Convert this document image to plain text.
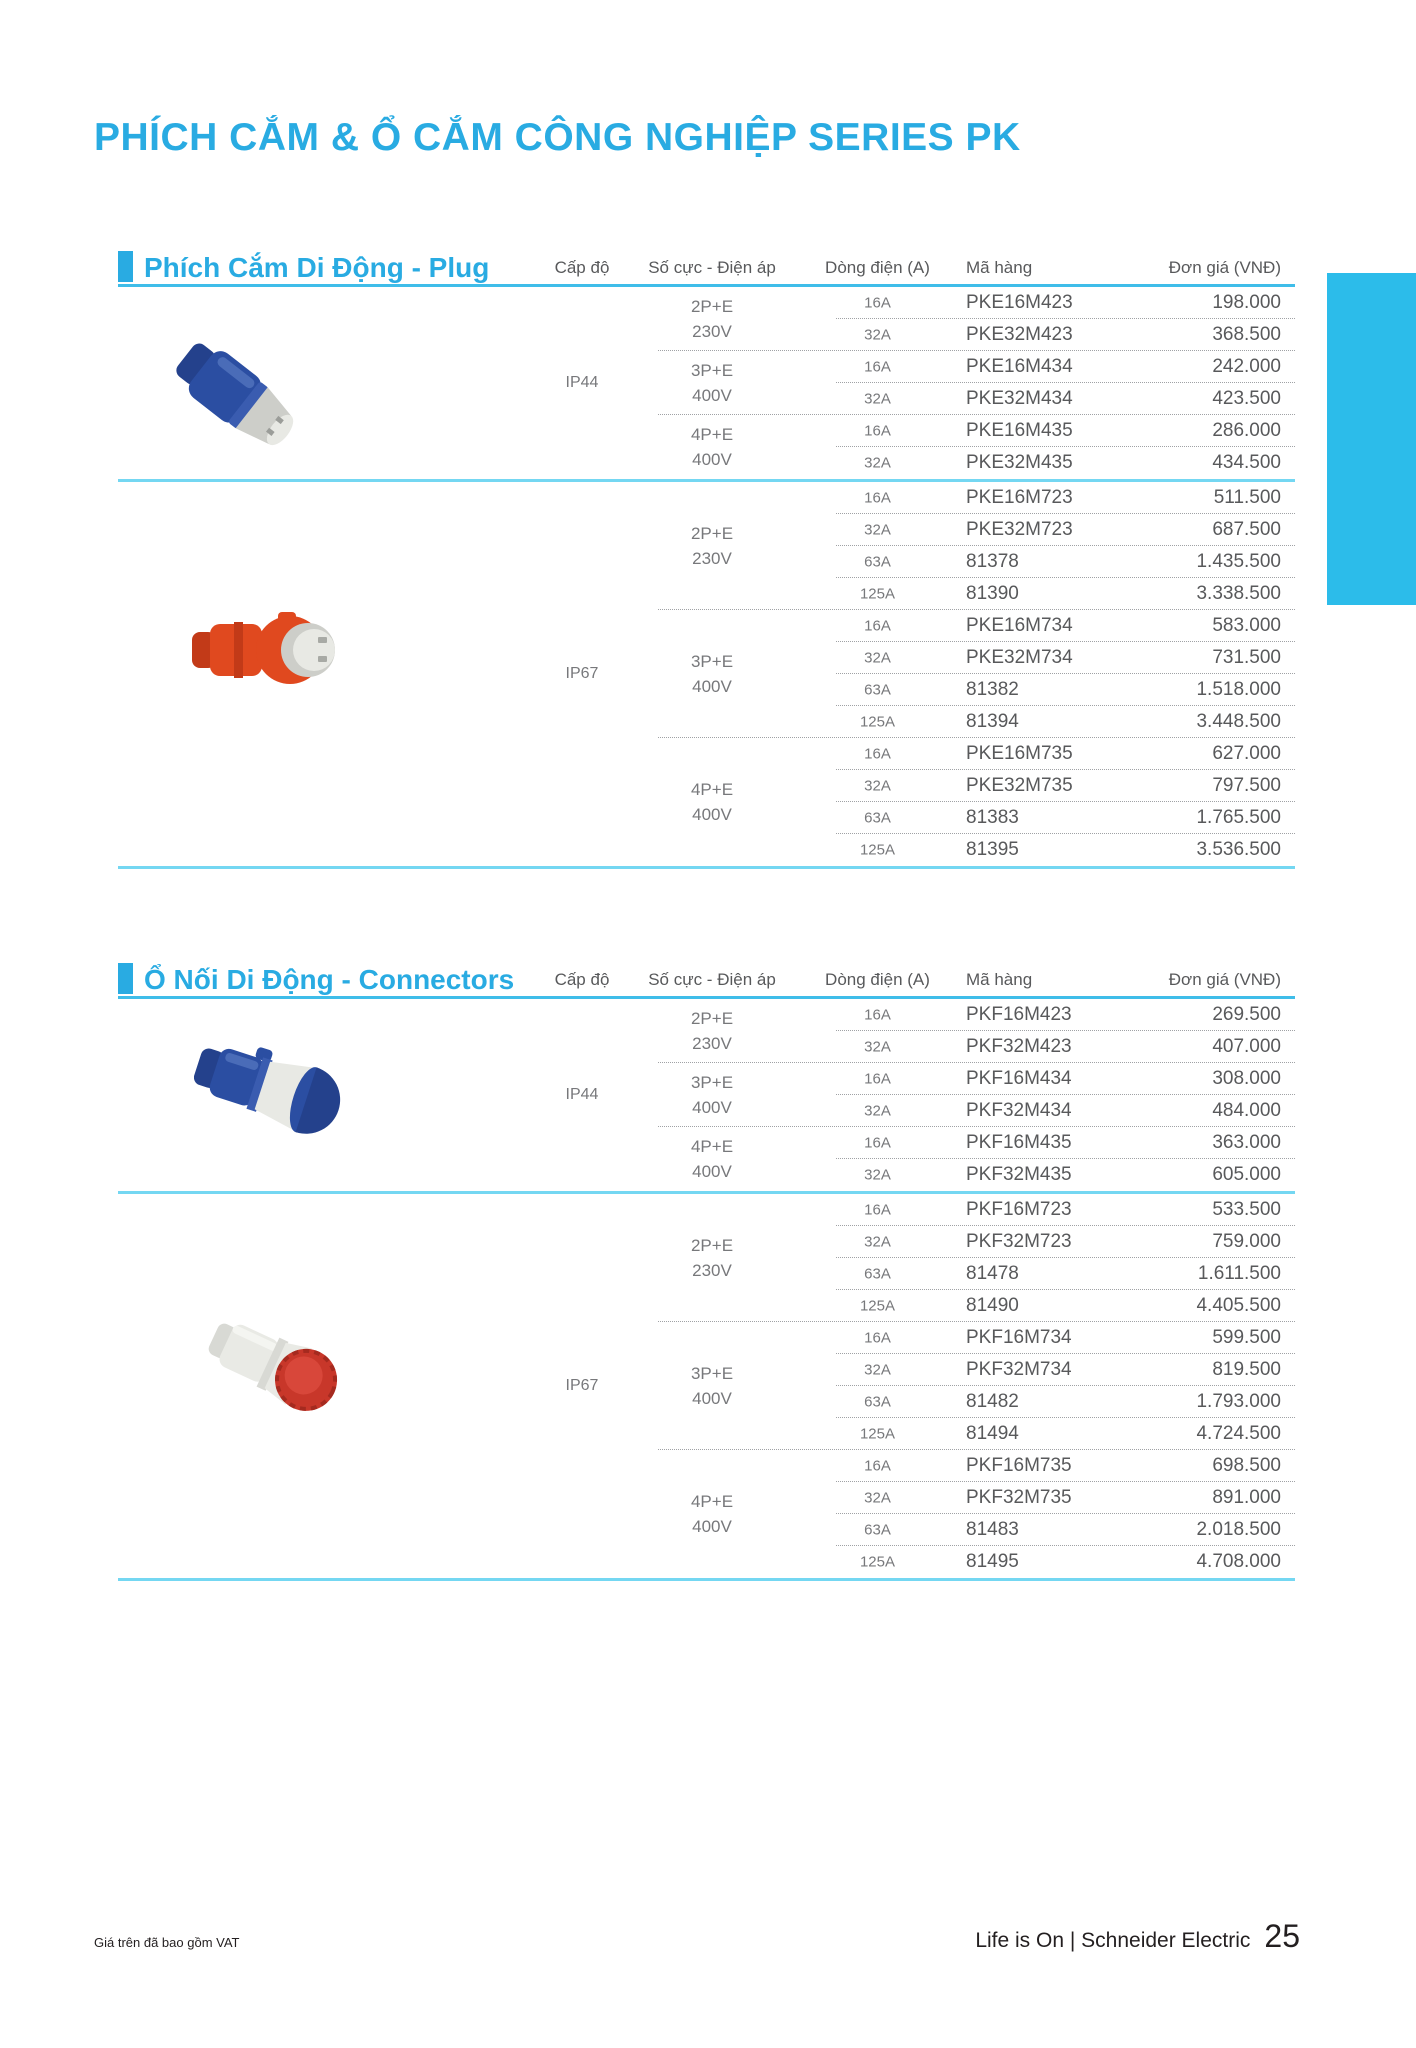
PHÍCH CẮM & Ổ CẮM CÔNG NGHIỆP SERIES PK
Phích Cắm Di Động - Plug	Cấp độ	Số cực - Điện áp	Dòng điện (A)	Mã hàng	Đơn giá (VNĐ)
IP44
2P+E
230V
16A	PKE16M423	198.000
32A	PKE32M423	368.500
3P+E
400V
16A	PKE16M434	242.000
32A	PKE32M434	423.500
4P+E
400V
16A	PKE16M435	286.000
32A	PKE32M435	434.500
IP67
2P+E
230V
16A	PKE16M723	511.500
32A	PKE32M723	687.500
63A	81378	1.435.500
125A	81390	3.338.500
3P+E
400V
16A	PKE16M734	583.000
32A	PKE32M734	731.500
63A	81382	1.518.000
125A	81394	3.448.500
4P+E
400V
16A	PKE16M735	627.000
32A	PKE32M735	797.500
63A	81383	1.765.500
125A	81395	3.536.500
Ổ Nối Di Động - Connectors	Cấp độ	Số cực - Điện áp	Dòng điện (A)	Mã hàng	Đơn giá (VNĐ)
IP44
2P+E
230V
16A	PKF16M423	269.500
32A	PKF32M423	407.000
3P+E
400V
16A	PKF16M434	308.000
32A	PKF32M434	484.000
4P+E
400V
16A	PKF16M435	363.000
32A	PKF32M435	605.000
IP67
2P+E
230V
16A	PKF16M723	533.500
32A	PKF32M723	759.000
63A	81478	1.611.500
125A	81490	4.405.500
3P+E
400V
16A	PKF16M734	599.500
32A	PKF32M734	819.500
63A	81482	1.793.000
125A	81494	4.724.500
4P+E
400V
16A	PKF16M735	698.500
32A	PKF32M735	891.000
63A	81483	2.018.500
125A	81495	4.708.000
Giá trên đã bao gồm VAT	Life is On | Schneider Electric 25
